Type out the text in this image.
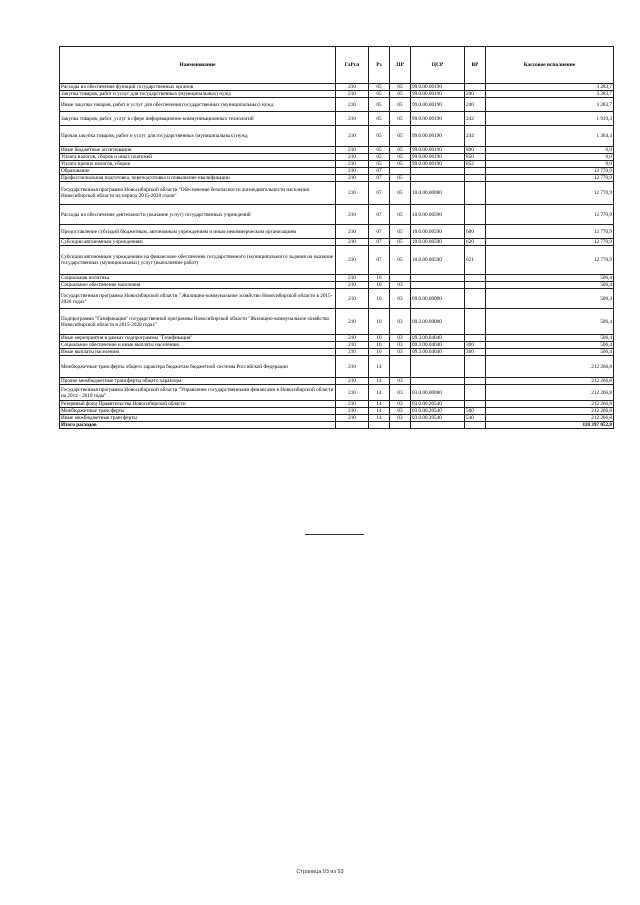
Наименование	ГлРсп	Рз	ПР	ЦСР	ВР	Кассовое исполнение
Расходы на обеспечение функций государственных органов	210	05	05	99.0.00.00190		3 283,7
Закупка товаров, работ и услуг для государственных (муниципальных) нужд	210	05	05	99.0.00.00190	200	3 283,7
Иные закупки товаров, работ и услуг для обеспечения государственных (муниципальных) нужд	210	05	05	99.0.00.00190	240	3 283,7
Закупка товаров, работ, услуг в сфере информационно-коммуникационных технологий	210	05	05	99.0.00.00190	242	1 919,3
Прочая закупка товаров, работ и услуг для государственных (муниципальных) нужд	210	05	05	99.0.00.00190	244	1 364,4
Иные бюджетные ассигнования	210	05	05	99.0.00.00190	800	0,0
Уплата налогов, сборов и иных платежей	210	05	05	99.0.00.00190	850	0,0
Уплата прочих налогов, сборов	210	05	05	99.0.00.00190	852	0,0
Образование	210	07				12 770,9
Профессиональная подготовка, переподготовка и повышение квалификации	210	07	05			12 770,9
Государственная программа Новосибирской области "Обеспечение безопасности жизнедеятельности населения Новосибирской области на период 2015-2020 годов"	210	07	05	10.0.00.00000		12 770,9
Расходы на обеспечение деятельности (оказание услуг) государственных учреждений	210	07	05	10.0.00.00590		12 770,9
Предоставление субсидий бюджетным, автономным учреждениям и иным некоммерческим организациям	210	07	05	10.0.00.00590	600	12 770,9
Субсидии автономным учреждениям	210	07	05	10.0.00.00590	620	12 770,9
Субсидии автономным учреждениям на финансовое обеспечение государственного (муниципального) задания на оказание государственных (муниципальных) услуг (выполнение работ)	210	07	05	10.0.00.00590	621	12 770,9
Социальная политика	210	10				506,4
Социальное обеспечение населения	210	10	03			506,4
Государственная программа Новосибирской области " Жилищно-коммунальное хозяйство Новосибирской области в 2015-2020 годах"	210	10	03	09.0.00.00000		506,4
Подпрограмма "Газификация" государственной программы Новосибирской области "Жилищно-коммунальное хозяйство Новосибирской области в 2015-2020 годах"	210	10	03	09.3.00.00000		506,4
Иные мероприятия в рамках подпрограммы "Газификация"	210	10	03	09.3.00.04040		506,4
Социальное обеспечение и иные выплаты населению	210	10	03	09.3.00.04040	300	506,4
Иные выплаты населению	210	10	03	09.3.00.04040	360	506,4
Межбюджетные трансферты общего характера бюджетам бюджетной системы Российской Федерации	210	14				212 266,8
Прочие межбюджетные трансферты общего характера	210	14	03			212 266,8
Государственная программа Новосибирской области "Управление государственными финансами в Новосибирской области на 2014 - 2019 годы"	210	14	03	03.0.00.00000		212 266,8
Резервный фонд Правительства Новосибирской области	210	14	03	03.0.00.20540		212 266,8
Межбюджетные трансферты	210	14	03	03.0.00.20540	500	212 266,8
Иные межбюджетные трансферты	210	14	03	03.0.00.20540	540	212 266,8
Итого расходов						118 397 052,8
Страница 93 из 93
